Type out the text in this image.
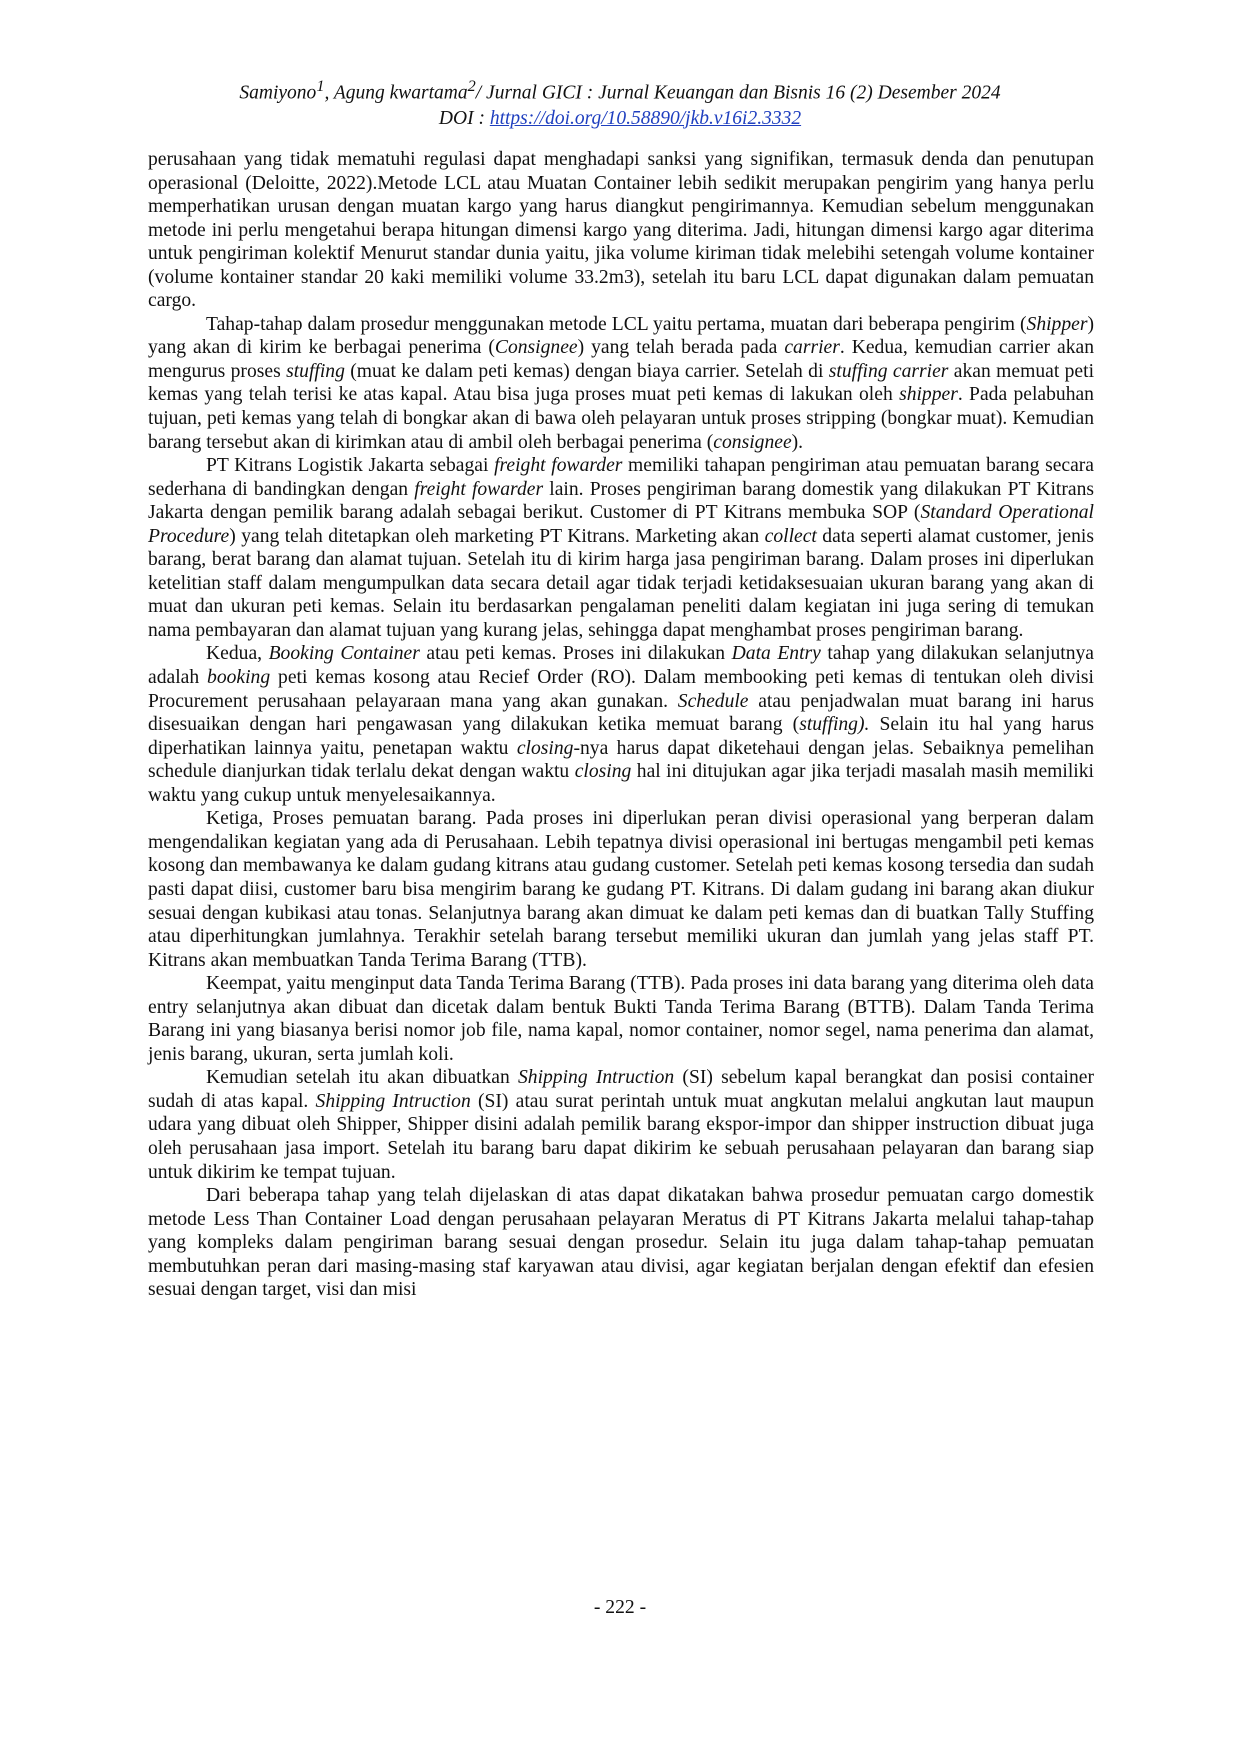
Samiyono$^1$, Agung kwartama$^2$/ Jurnal GICI : Jurnal Keuangan dan Bisnis 16 (2) Desember 2024
DOI : https://doi.org/10.58890/jkb.v16i2.3332

perusahaan yang tidak mematuhi regulasi dapat menghadapi sanksi yang signifikan, termasuk denda dan penutupan operasional (Deloitte, 2022).Metode LCL atau Muatan Container lebih sedikit merupakan pengirim yang hanya perlu memperhatikan urusan dengan muatan kargo yang harus diangkut pengirimannya. Kemudian sebelum menggunakan metode ini perlu mengetahui berapa hitungan dimensi kargo yang diterima. Jadi, hitungan dimensi kargo agar diterima untuk pengiriman kolektif Menurut standar dunia yaitu, jika volume kiriman tidak melebihi setengah volume kontainer (volume kontainer standar 20 kaki memiliki volume 33.2m3), setelah itu baru LCL dapat digunakan dalam pemuatan cargo.

Tahap-tahap dalam prosedur menggunakan metode LCL yaitu pertama, muatan dari beberapa pengirim (Shipper) yang akan di kirim ke berbagai penerima (Consignee) yang telah berada pada carrier. Kedua, kemudian carrier akan mengurus proses stuffing (muat ke dalam peti kemas) dengan biaya carrier. Setelah di stuffing carrier akan memuat peti kemas yang telah terisi ke atas kapal. Atau bisa juga proses muat peti kemas di lakukan oleh shipper. Pada pelabuhan tujuan, peti kemas yang telah di bongkar akan di bawa oleh pelayaran untuk proses stripping (bongkar muat). Kemudian barang tersebut akan di kirimkan atau di ambil oleh berbagai penerima (consignee).

PT Kitrans Logistik Jakarta sebagai freight fowarder memiliki tahapan pengiriman atau pemuatan barang secara sederhana di bandingkan dengan freight fowarder lain. Proses pengiriman barang domestik yang dilakukan PT Kitrans Jakarta dengan pemilik barang adalah sebagai berikut. Customer di PT Kitrans membuka SOP (Standard Operational Procedure) yang telah ditetapkan oleh marketing PT Kitrans. Marketing akan collect data seperti alamat customer, jenis barang, berat barang dan alamat tujuan. Setelah itu di kirim harga jasa pengiriman barang. Dalam proses ini diperlukan ketelitian staff dalam mengumpulkan data secara detail agar tidak terjadi ketidaksesuaian ukuran barang yang akan di muat dan ukuran peti kemas. Selain itu berdasarkan pengalaman peneliti dalam kegiatan ini juga sering di temukan nama pembayaran dan alamat tujuan yang kurang jelas, sehingga dapat menghambat proses pengiriman barang.

Kedua, Booking Container atau peti kemas. Proses ini dilakukan Data Entry tahap yang dilakukan selanjutnya adalah booking peti kemas kosong atau Recief Order (RO). Dalam membooking peti kemas di tentukan oleh divisi Procurement perusahaan pelayaraan mana yang akan gunakan. Schedule atau penjadwalan muat barang ini harus disesuaikan dengan hari pengawasan yang dilakukan ketika memuat barang (stuffing). Selain itu hal yang harus diperhatikan lainnya yaitu, penetapan waktu closing-nya harus dapat diketehaui dengan jelas. Sebaiknya pemelihan schedule dianjurkan tidak terlalu dekat dengan waktu closing hal ini ditujukan agar jika terjadi masalah masih memiliki waktu yang cukup untuk menyelesaikannya.

Ketiga, Proses pemuatan barang. Pada proses ini diperlukan peran divisi operasional yang berperan dalam mengendalikan kegiatan yang ada di Perusahaan. Lebih tepatnya divisi operasional ini bertugas mengambil peti kemas kosong dan membawanya ke dalam gudang kitrans atau gudang customer. Setelah peti kemas kosong tersedia dan sudah pasti dapat diisi, customer baru bisa mengirim barang ke gudang PT. Kitrans. Di dalam gudang ini barang akan diukur sesuai dengan kubikasi atau tonas. Selanjutnya barang akan dimuat ke dalam peti kemas dan di buatkan Tally Stuffing atau diperhitungkan jumlahnya. Terakhir setelah barang tersebut memiliki ukuran dan jumlah yang jelas staff PT. Kitrans akan membuatkan Tanda Terima Barang (TTB).

Keempat, yaitu menginput data Tanda Terima Barang (TTB). Pada proses ini data barang yang diterima oleh data entry selanjutnya akan dibuat dan dicetak dalam bentuk Bukti Tanda Terima Barang (BTTB). Dalam Tanda Terima Barang ini yang biasanya berisi nomor job file, nama kapal, nomor container, nomor segel, nama penerima dan alamat, jenis barang, ukuran, serta jumlah koli.

Kemudian setelah itu akan dibuatkan Shipping Intruction (SI) sebelum kapal berangkat dan posisi container sudah di atas kapal. Shipping Intruction (SI) atau surat perintah untuk muat angkutan melalui angkutan laut maupun udara yang dibuat oleh Shipper, Shipper disini adalah pemilik barang ekspor-impor dan shipper instruction dibuat juga oleh perusahaan jasa import. Setelah itu barang baru dapat dikirim ke sebuah perusahaan pelayaran dan barang siap untuk dikirim ke tempat tujuan.

Dari beberapa tahap yang telah dijelaskan di atas dapat dikatakan bahwa prosedur pemuatan cargo domestik metode Less Than Container Load dengan perusahaan pelayaran Meratus di PT Kitrans Jakarta melalui tahap-tahap yang kompleks dalam pengiriman barang sesuai dengan prosedur. Selain itu juga dalam tahap-tahap pemuatan membutuhkan peran dari masing-masing staf karyawan atau divisi, agar kegiatan berjalan dengan efektif dan efesien sesuai dengan target, visi dan misi

- 222 -
